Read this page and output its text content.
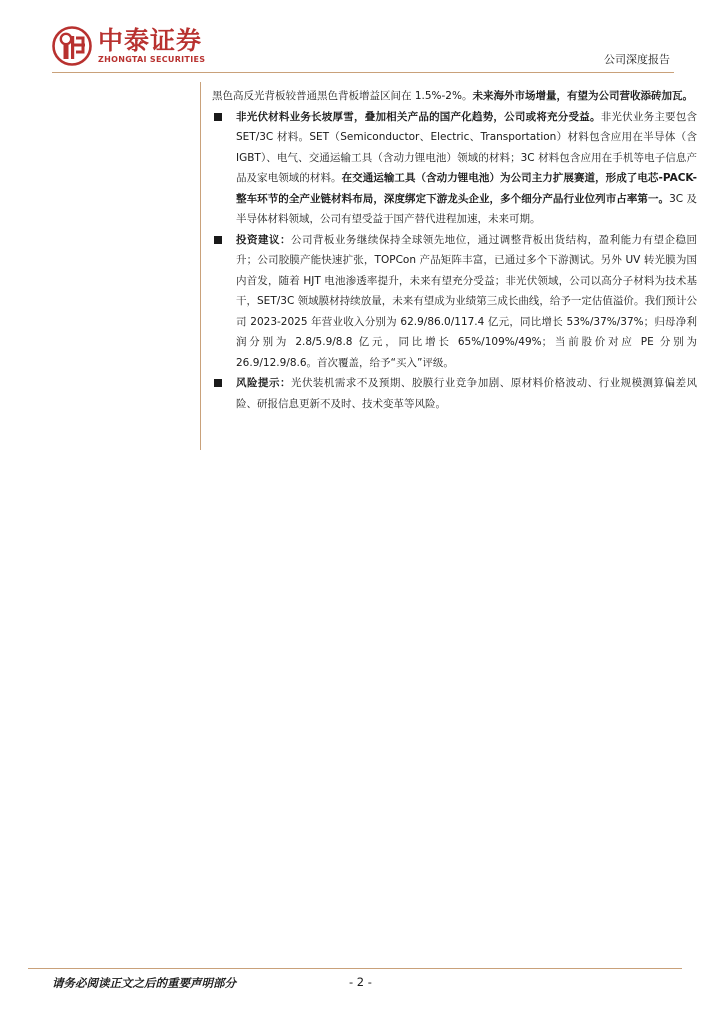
中泰证券
ZHONGTAI SECURITIES	公司深度报告

黑色高反光背板较普通黑色背板增益区间在 1.5%-2%。未来海外市场增量，有望为公司营收添砖加瓦。

非光伏材料业务长坡厚雪，叠加相关产品的国产化趋势，公司或将充分受益。非光伏业务主要包含 SET/3C 材料。SET（Semiconductor、Electric、Transportation）材料包含应用在半导体（含 IGBT）、电气、交通运输工具（含动力锂电池）领域的材料；3C 材料包含应用在手机等电子信息产品及家电领域的材料。在交通运输工具（含动力锂电池）为公司主力扩展赛道，形成了电芯-PACK-整车环节的全产业链材料布局，深度绑定下游龙头企业，多个细分产品行业位列市占率第一。3C 及半导体材料领域，公司有望受益于国产替代进程加速，未来可期。

投资建议：公司背板业务继续保持全球领先地位，通过调整背板出货结构，盈利能力有望企稳回升；公司胶膜产能快速扩张，TOPCon 产品矩阵丰富，已通过多个下游测试。另外 UV 转光膜为国内首发，随着 HJT 电池渗透率提升，未来有望充分受益；非光伏领域，公司以高分子材料为技术基干，SET/3C 领域膜材持续放量，未来有望成为业绩第三成长曲线，给予一定估值溢价。我们预计公司 2023-2025 年营业收入分别为 62.9/86.0/117.4 亿元，同比增长 53%/37%/37%；归母净利润分别为 2.8/5.9/8.8 亿元，同比增长 65%/109%/49%；当前股价对应 PE 分别为 26.9/12.9/8.6。首次覆盖，给予“买入”评级。

风险提示：光伏装机需求不及预期、胶膜行业竞争加剧、原材料价格波动、行业规模测算偏差风险、研报信息更新不及时、技术变革等风险。

请务必阅读正文之后的重要声明部分	- 2 -
